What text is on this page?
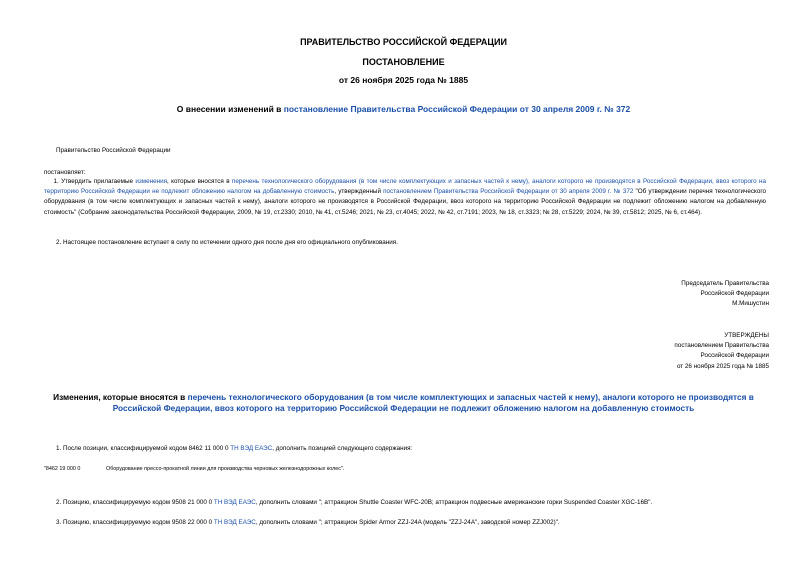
ПРАВИТЕЛЬСТВО РОССИЙСКОЙ ФЕДЕРАЦИИ
ПОСТАНОВЛЕНИЕ
от 26 ноября 2025 года № 1885
О внесении изменений в постановление Правительства Российской Федерации от 30 апреля 2009 г. № 372
Правительство Российской Федерации
постановляет:
1. Утвердить прилагаемые изменения, которые вносятся в перечень технологического оборудования (в том числе комплектующих и запасных частей к нему), аналоги которого не производятся в Российской Федерации, ввоз которого на территорию Российской Федерации не подлежит обложению налогом на добавленную стоимость, утвержденный постановлением Правительства Российской Федерации от 30 апреля 2009 г. № 372 "Об утверждении перечня технологического оборудования (в том числе комплектующих и запасных частей к нему), аналоги которого не производятся в Российской Федерации, ввоз которого на территорию Российской Федерации не подлежит обложению налогом на добавленную стоимость" (Собрание законодательства Российской Федерации, 2009, № 19, ст.2330; 2010, № 41, ст.5246; 2021, № 23, ст.4045; 2022, № 42, ст.7191; 2023, № 18, ст.3323; № 28, ст.5229; 2024, № 39, ст.5812; 2025, № 6, ст.464).
2. Настоящее постановление вступает в силу по истечении одного дня после дня его официального опубликования.
Председатель Правительства
Российской Федерации
М.Мишустин
УТВЕРЖДЕНЫ
постановлением Правительства
Российской Федерации
от 26 ноября 2025 года № 1885
Изменения, которые вносятся в перечень технологического оборудования (в том числе комплектующих и запасных частей к нему), аналоги которого не производятся в Российской Федерации, ввоз которого на территорию Российской Федерации не подлежит обложению налогом на добавленную стоимость
1. После позиции, классифицируемой кодом 8462 11 000 0 ТН ВЭД ЕАЭС, дополнить позицией следующего содержания:
"8462 19 000 0	Оборудование прессо-прокатной линии для производства черновых железнодорожных колес".
2. Позицию, классифицируемую кодом 9508 21 000 0 ТН ВЭД ЕАЭС, дополнить словами "; аттракцион Shuttle Coaster WFC-20B; аттракцион подвесные американские горки Suspended Coaster XGC-16B".
3. Позицию, классифицируемую кодом 9508 22 000 0 ТН ВЭД ЕАЭС, дополнить словами "; аттракцион Spider Armor ZZJ-24A (модель "ZZJ-24A", заводской номер ZZJ002)".
